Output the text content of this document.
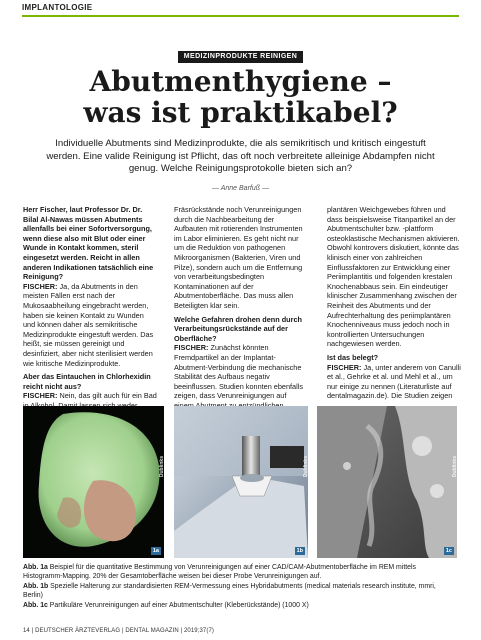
IMPLANTOLOGIE
MEDIZINPRODUKTE REINIGEN
Abutmenthygiene –
was ist praktikabel?
Individuelle Abutments sind Medizinprodukte, die als semikritisch und kritisch eingestuft werden. Eine valide Reinigung ist Pflicht, das oft noch verbreitete alleinige Abdampfen nicht genug. Welche Reinigungsprotokolle bieten sich an?
— Anne Barfuß —

Herr Fischer, laut Professor Dr. Dr. Bilal Al-Nawas müssen Abutments allenfalls bei einer Sofortversorgung, wenn diese also mit Blut oder einer Wunde in Kontakt kommen, steril eingesetzt werden. Reicht in allen anderen Indikationen tatsächlich eine Reinigung?

FISCHER: Ja, da Abutments in den meisten Fällen erst nach der Mukosaabheilung eingebracht werden, haben sie keinen Kontakt zu Wunden und können daher als semikritische Medizinprodukte eingestuft werden. Das heißt, sie müssen gereinigt und desinfiziert, aber nicht sterilisiert werden wie kritische Medizinprodukte.

Aber das Eintauchen in Chlorhexidin reicht nicht aus?

FISCHER: Nein, das gilt auch für ein Bad

Fräsrückstände noch Verunreinigungen durch die Nachbearbeitung der Aufbauten mit rotierenden Instrumenten im Labor eliminieren. Es geht nicht nur um die Reduktion von pathogenen Mikroorganismen (Bakterien, Viren und Pilze), sondern auch um die Entfernung von verarbeitungsbedingten Kontaminationen auf der Abutmentoberfläche. Das muss allen Beteiligten klar sein.

Welche Gefahren drohen denn durch Verarbeitungsrückstände auf der Oberfläche?

FISCHER: Zunächst könnten Fremdpartikel an der Implantat-Abutment-Verbindung die mechanische Stabilität des Aufbaus negativ beeinflussen. Studien konnten ebenfalls zeigen, dass Verunreinigungen auf

plantären Weichgewebes führen und dass beispielsweise Titanpartikel an der Abutmentschulter bzw. -plattform osteoklastische Mechanismen aktivieren. Obwohl kontrovers diskutiert, könnte das klinisch einer von zahlreichen Einflussfaktoren zur Entwicklung einer Periimplantitis und folgenden krestalen Knochenabbaus sein. Ein eindeutiger klinischer Zusammenhang zwischen der Reinheit des Abutments und der Aufrechterhaltung des periimplantären Knochenniveaus muss jedoch noch in kontrollierten Untersuchungen nachgewiesen werden.

Ist das belegt?

FISCHER: Ja, unter anderem von Canulli et al., Gehrke et al. und Mehl et al., um nur einige zu nennen (Literaturliste auf dentalmagazin.de). Die Studien zeigen

Dublinks
1a
Dublinks
1b
Dublinks
1c

Abb. 1a Beispiel für die quantitative Bestimmung von Verunreinigungen auf einer CAD/CAM-Abutmentoberfläche im REM mittels Histogramm-Mapping. 20% der Gesamtoberfläche weisen bei dieser Probe Verunreinigungen auf.

Abb. 1b Spezielle Halterung zur standardisierten REM-Vermessung eines Hybridabutments (medical materials research institute, mmri, Berlin)

Abb. 1c Partikuläre Verunreinigungen auf einer Abutmentschulter (Kleberückstände) (1000 X)

14 | DEUTSCHER ÄRZTEVERLAG | DENTAL MAGAZIN | 2019;37(7)
